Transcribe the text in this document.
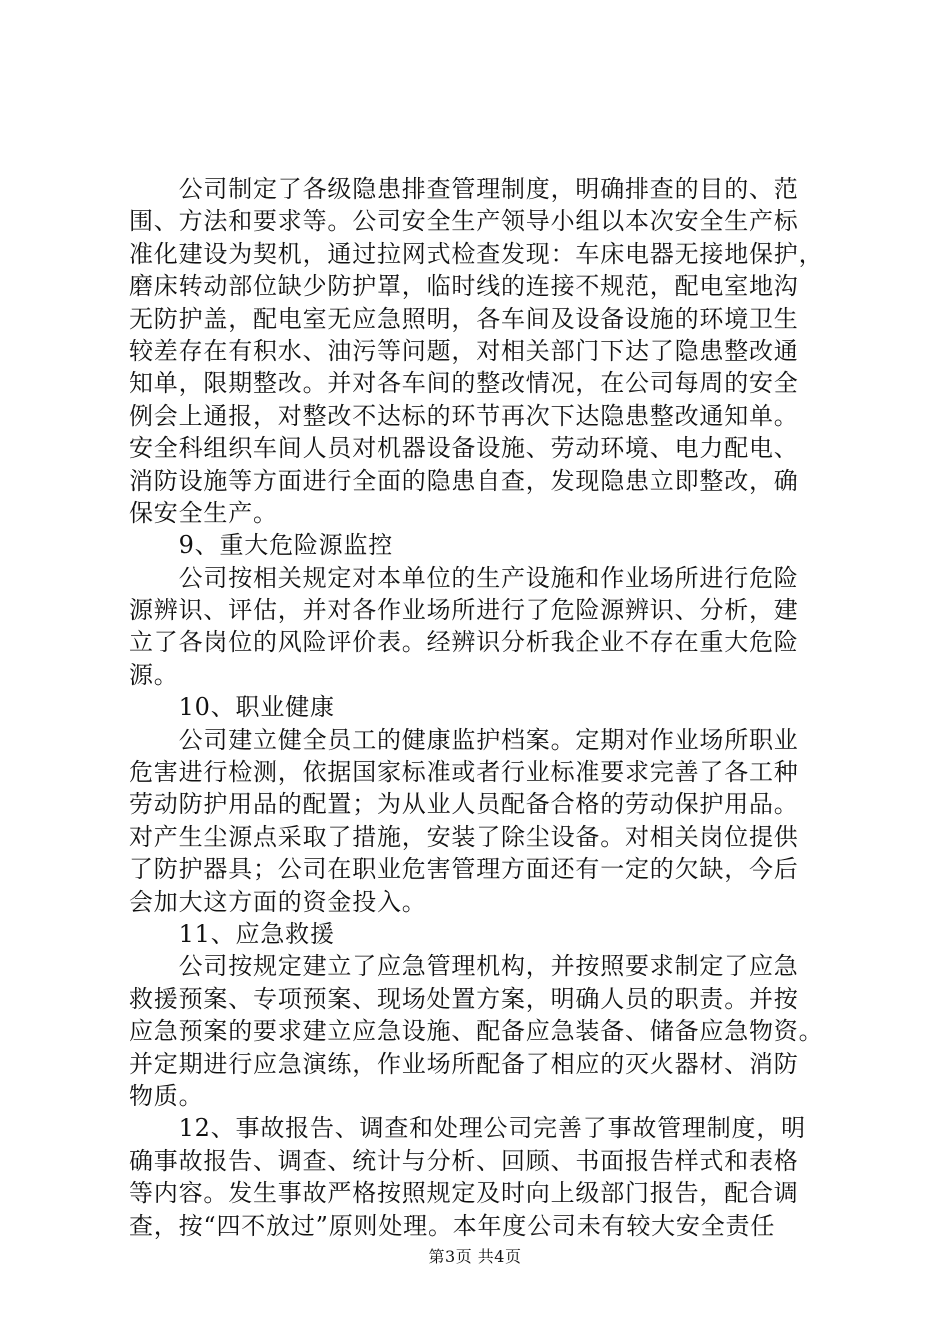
　　公司制定了各级隐患排查管理制度，明确排查的目的、范
围、方法和要求等。公司安全生产领导小组以本次安全生产标
准化建设为契机，通过拉网式检查发现：车床电器无接地保护，
磨床转动部位缺少防护罩，临时线的连接不规范，配电室地沟
无防护盖，配电室无应急照明，各车间及设备设施的环境卫生
较差存在有积水、油污等问题，对相关部门下达了隐患整改通
知单，限期整改。并对各车间的整改情况，在公司每周的安全
例会上通报，对整改不达标的环节再次下达隐患整改通知单。
安全科组织车间人员对机器设备设施、劳动环境、电力配电、
消防设施等方面进行全面的隐患自查，发现隐患立即整改，确
保安全生产。
　　9、重大危险源监控
　　公司按相关规定对本单位的生产设施和作业场所进行危险
源辨识、评估，并对各作业场所进行了危险源辨识、分析，建
立了各岗位的风险评价表。经辨识分析我企业不存在重大危险
源。
　　10、职业健康
　　公司建立健全员工的健康监护档案。定期对作业场所职业
危害进行检测，依据国家标准或者行业标准要求完善了各工种
劳动防护用品的配置；为从业人员配备合格的劳动保护用品。
对产生尘源点采取了措施，安装了除尘设备。对相关岗位提供
了防护器具；公司在职业危害管理方面还有一定的欠缺，今后
会加大这方面的资金投入。
　　11、应急救援
　　公司按规定建立了应急管理机构，并按照要求制定了应急
救援预案、专项预案、现场处置方案，明确人员的职责。并按
应急预案的要求建立应急设施、配备应急装备、储备应急物资。
并定期进行应急演练，作业场所配备了相应的灭火器材、消防
物质。
　　12、事故报告、调查和处理公司完善了事故管理制度，明
确事故报告、调查、统计与分析、回顾、书面报告样式和表格
等内容。发生事故严格按照规定及时向上级部门报告，配合调
查，按“四不放过”原则处理。本年度公司未有较大安全责任
第3页 共4页
